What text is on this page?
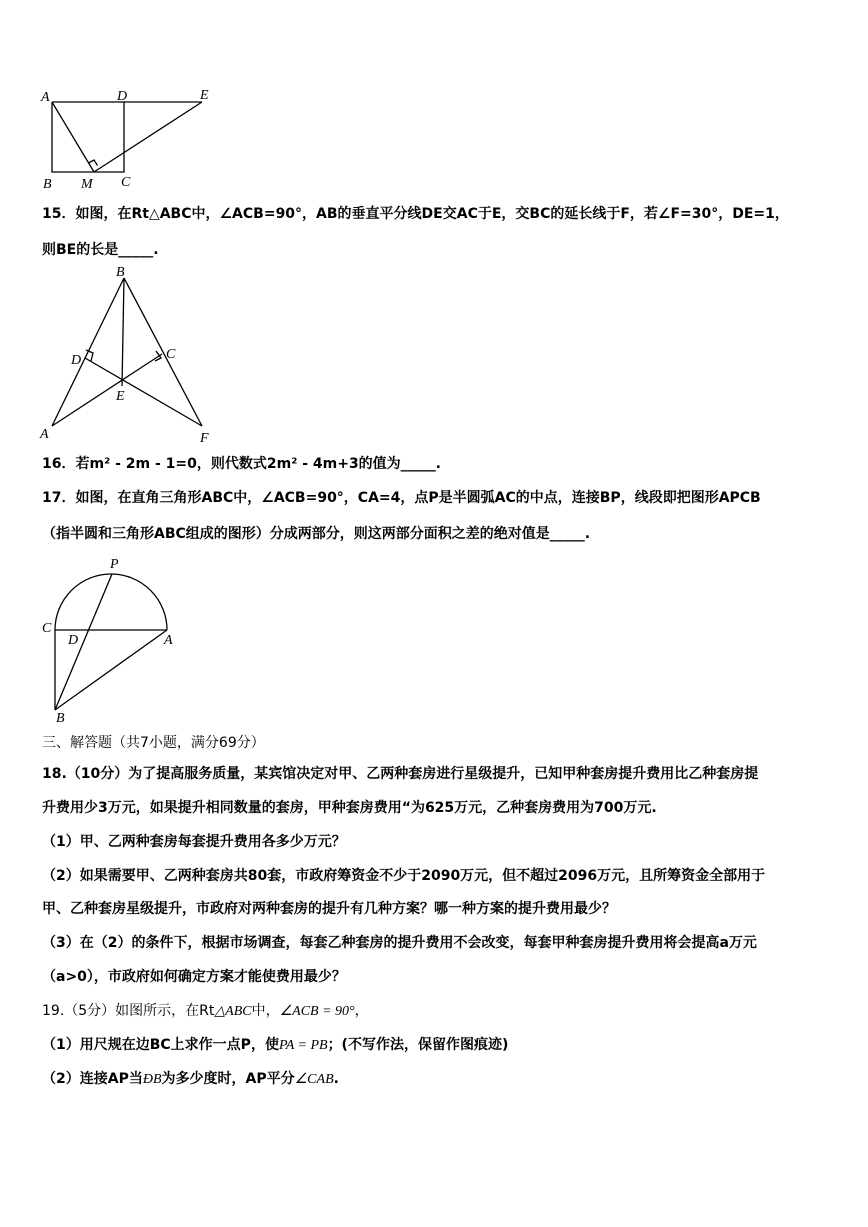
A	D	E
B M C
15．如图，在Rt△ABC中，∠ACB=90°，AB的垂直平分线DE交AC于E，交BC的延长线于F，若∠F=30°，DE=1，
则BE的长是_____.
B
D	C
E
A	F
16．若m² - 2m - 1=0，则代数式2m² - 4m+3的值为_____.
17．如图，在直角三角形ABC中，∠ACB=90°，CA=4，点P是半圆弧AC的中点，连接BP，线段即把图形APCB
（指半圆和三角形ABC组成的图形）分成两部分，则这两部分面积之差的绝对值是_____.
P
C
D	A
B
三、解答题（共7小题，满分69分）
18.（10分）为了提高服务质量，某宾馆决定对甲、乙两种套房进行星级提升，已知甲种套房提升费用比乙种套房提
升费用少3万元，如果提升相同数量的套房，甲种套房费用“为625万元，乙种套房费用为700万元.
（1）甲、乙两种套房每套提升费用各多少万元？
（2）如果需要甲、乙两种套房共80套，市政府筹资金不少于2090万元，但不超过2096万元，且所筹资金全部用于
甲、乙种套房星级提升，市政府对两种套房的提升有几种方案？哪一种方案的提升费用最少？
（3）在（2）的条件下，根据市场调查，每套乙种套房的提升费用不会改变，每套甲种套房提升费用将会提高a万元
（a>0），市政府如何确定方案才能使费用最少？
19.（5分）如图所示，在Rt△ABC中，∠ACB = 90°，
（1）用尺规在边BC上求作一点P，使PA = PB；(不写作法，保留作图痕迹)
（2）连接AP当ÐB为多少度时，AP平分∠CAB.
